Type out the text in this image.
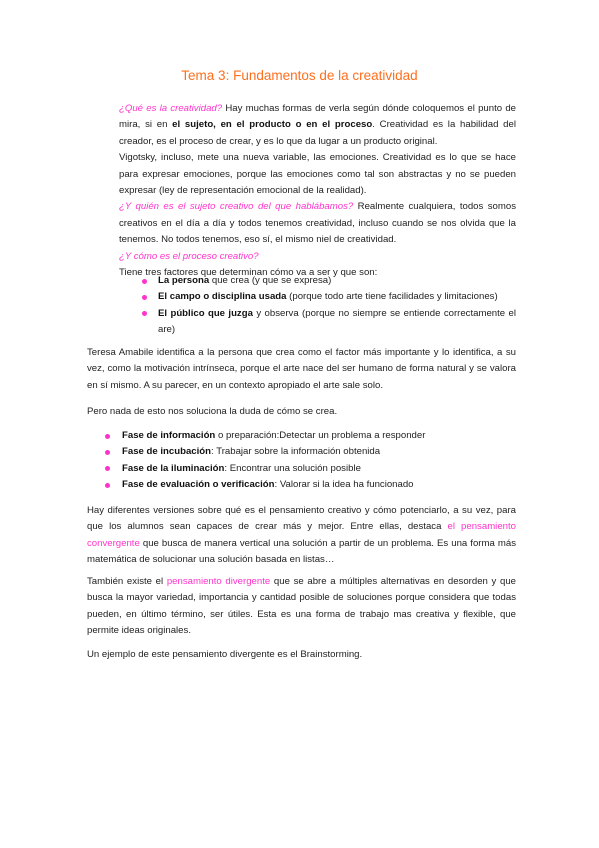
Tema 3: Fundamentos de la creatividad

¿Qué es la creatividad? Hay muchas formas de verla según dónde coloquemos el punto de mira, si en el sujeto, en el producto o en el proceso. Creatividad es la habilidad del creador, es el proceso de crear, y es lo que da lugar a un producto original.

Vigotsky, incluso, mete una nueva variable, las emociones. Creatividad es lo que se hace para expresar emociones, porque las emociones como tal son abstractas y no se pueden expresar (ley de representación emocional de la realidad).

¿Y quién es el sujeto creativo del que hablábamos? Realmente cualquiera, todos somos creativos en el día a día y todos tenemos creatividad, incluso cuando se nos olvida que la tenemos. No todos tenemos, eso sí, el mismo niel de creatividad.

¿Y cómo es el proceso creativo?

Tiene tres factores que determinan cómo va a ser y que son:

La persona que crea (y que se expresa)
El campo o disciplina usada (porque todo arte tiene facilidades y limitaciones)
El público que juzga y observa (porque no siempre se entiende correctamente el are)

Teresa Amabile identifica a la persona que crea como el factor más importante y lo identifica, a su vez, como la motivación intrínseca, porque el arte nace del ser humano de forma natural y se valora en sí mismo. A su parecer, en un contexto apropiado el arte sale solo.

Pero nada de esto nos soluciona la duda de cómo se crea.

Fase de información o preparación:Detectar un problema a responder
Fase de incubación: Trabajar sobre la información obtenida
Fase de la iluminación: Encontrar una solución posible
Fase de evaluación o verificación: Valorar si la idea ha funcionado

Hay diferentes versiones sobre qué es el pensamiento creativo y cómo potenciarlo, a su vez, para que los alumnos sean capaces de crear más y mejor. Entre ellas, destaca el pensamiento convergente que busca de manera vertical una solución a partir de un problema. Es una forma más matemática de solucionar una solución basada en listas…

También existe el pensamiento divergente que se abre a múltiples alternativas en desorden y que busca la mayor variedad, importancia y cantidad posible de soluciones porque considera que todas pueden, en último término, ser útiles. Esta es una forma de trabajo mas creativa y flexible, que permite ideas originales.

Un ejemplo de este pensamiento divergente es el Brainstorming.
